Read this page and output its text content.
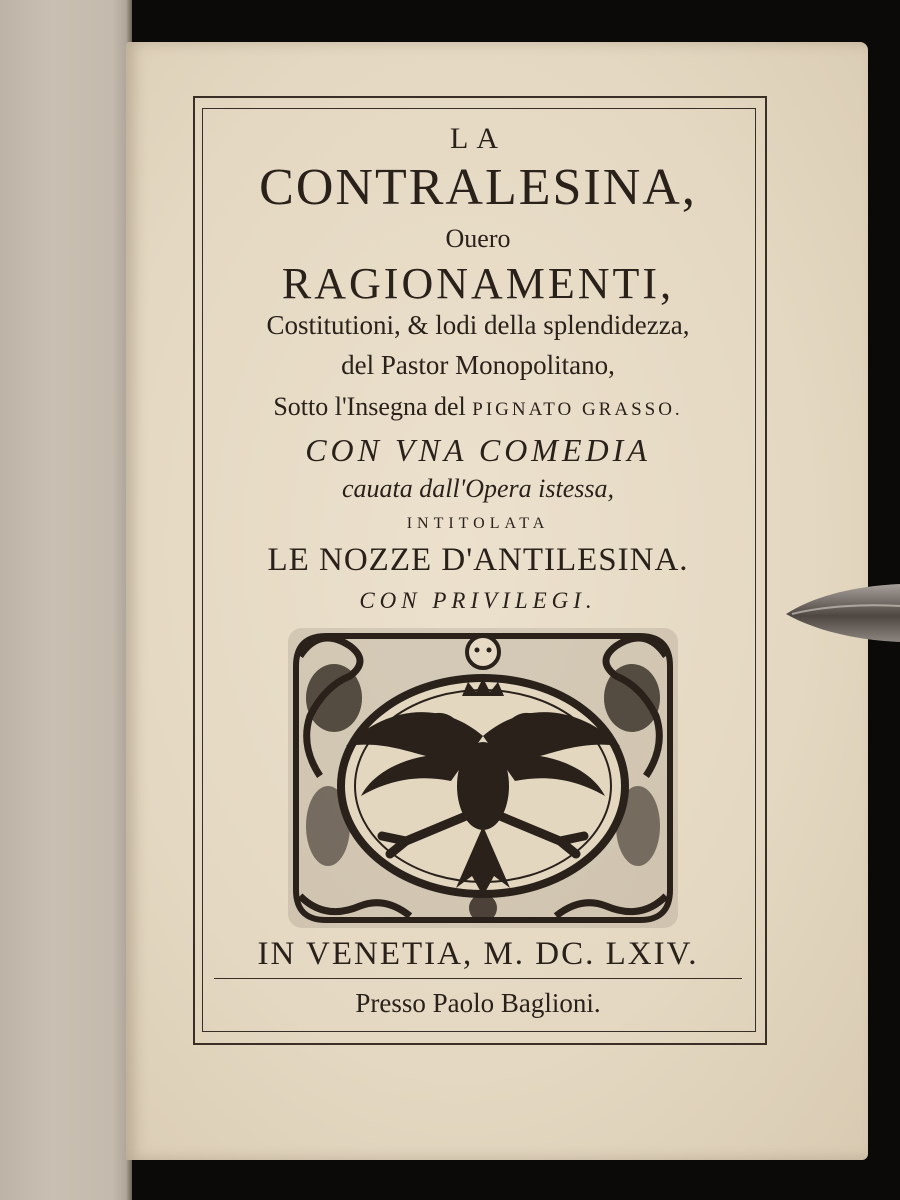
LA

CONTRALESINA,

Ouero

RAGIONAMENTI,

Costitutioni, & lodi della splendidezza,

del Pastor Monopolitano,

Sotto l'Insegna del PIGNATO GRASSO.

CON VNA COMEDIA

cauata dall'Opera istessa,

INTITOLATA

LE NOZZE D'ANTILESINA.

CON PRIVILEGI.

IN VENETIA, M. DC. LXIV.

Presso Paolo Baglioni.
